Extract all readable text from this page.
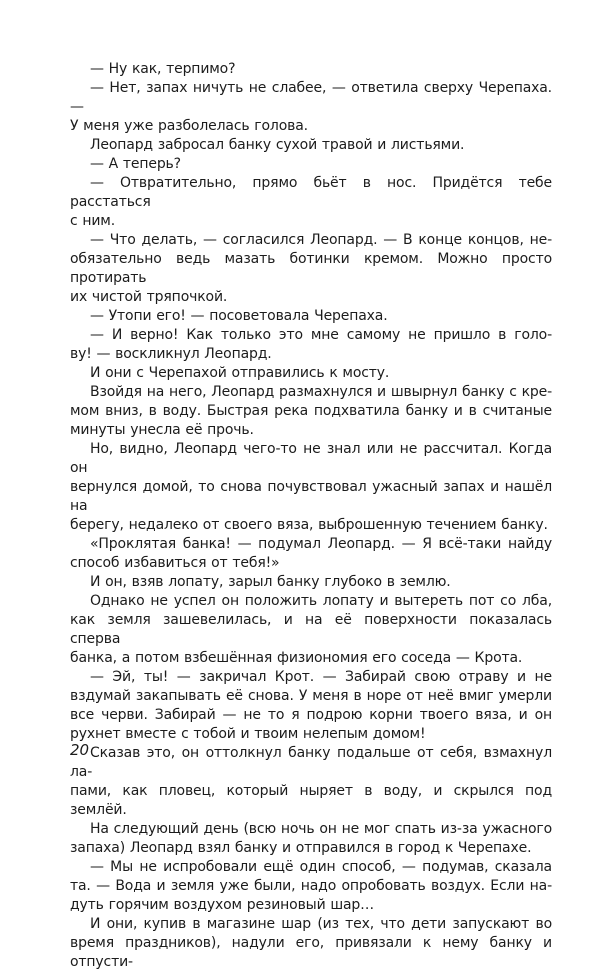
— Ну как, терпимо?
— Нет, запах ничуть не слабее, — ответила сверху Черепаха. —
У меня уже разболелась голова.
Леопард забросал банку сухой травой и листьями.
— А теперь?
— Отвратительно, прямо бьёт в нос. Придётся тебе расстаться
с ним.
— Что делать, — согласился Леопард. — В конце концов, не-
обязательно ведь мазать ботинки кремом. Можно просто протирать
их чистой тряпочкой.
— Утопи его! — посоветовала Черепаха.
— И верно! Как только это мне самому не пришло в голо-
ву! — воскликнул Леопард.
И они с Черепахой отправились к мосту.
Взойдя на него, Леопард размахнулся и швырнул банку с кре-
мом вниз, в воду. Быстрая река подхватила банку и в считаные
минуты унесла её прочь.
Но, видно, Леопард чего-то не знал или не рассчитал. Когда он
вернулся домой, то снова почувствовал ужасный запах и нашёл на
берегу, недалеко от своего вяза, выброшенную течением банку.
«Проклятая банка! — подумал Леопард. — Я всё-таки найду
способ избавиться от тебя!»
И он, взяв лопату, зарыл банку глубоко в землю.
Однако не успел он положить лопату и вытереть пот со лба,
как земля зашевелилась, и на её поверхности показалась сперва
банка, а потом взбешённая физиономия его соседа — Крота.
— Эй, ты! — закричал Крот. — Забирай свою отраву и не
вздумай закапывать её снова. У меня в норе от неё вмиг умерли
все черви. Забирай — не то я подрою корни твоего вяза, и он
рухнет вместе с тобой и твоим нелепым домом!
Сказав это, он оттолкнул банку подальше от себя, взмахнул ла-
пами, как пловец, который ныряет в воду, и скрылся под землёй.
На следующий день (всю ночь он не мог спать из-за ужасного
запаха) Леопард взял банку и отправился в город к Черепахе.
— Мы не испробовали ещё один способ, — подумав, сказала
та. — Вода и земля уже были, надо опробовать воздух. Если на-
дуть горячим воздухом резиновый шар…
И они, купив в магазине шар (из тех, что дети запускают во
время праздников), надули его, привязали к нему банку и отпусти-
20
